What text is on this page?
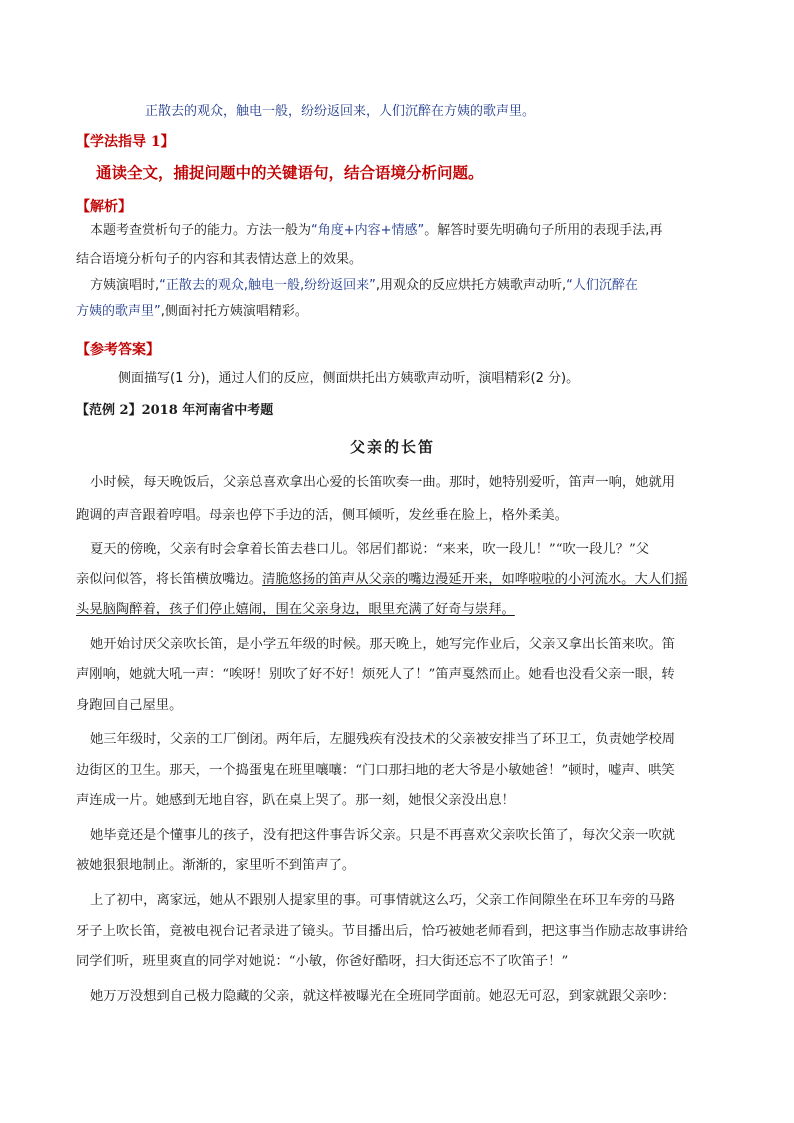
正散去的观众，触电一般，纷纷返回来，人们沉醉在方姨的歌声里。
【学法指导 1】
通读全文，捕捉问题中的关键语句，结合语境分析问题。
【解析】
本题考查赏析句子的能力。方法一般为“角度+内容+情感”。解答时要先明确句子所用的表现手法,再
结合语境分析句子的内容和其表情达意上的效果。
方姨演唱时,“正散去的观众,触电一般,纷纷返回来”,用观众的反应烘托方姨歌声动听,“人们沉醉在
方姨的歌声里”,侧面衬托方姨演唱精彩。
【参考答案】
侧面描写(1 分)，通过人们的反应，侧面烘托出方姨歌声动听，演唱精彩(2 分)。
【范例 2】2018 年河南省中考题
父亲的长笛
小时候，每天晚饭后，父亲总喜欢拿出心爱的长笛吹奏一曲。那时，她特别爱听，笛声一响，她就用
跑调的声音跟着哼唱。母亲也停下手边的活，侧耳倾听，发丝垂在脸上，格外柔美。
夏天的傍晚，父亲有时会拿着长笛去巷口儿。邻居们都说：“来来，吹一段儿！”“吹一段儿？”父
亲似问似答，将长笛横放嘴边。清脆悠扬的笛声从父亲的嘴边漫延开来，如哗啦啦的小河流水。大人们摇
头晃脑陶醉着，孩子们停止嬉闹，围在父亲身边，眼里充满了好奇与崇拜。
她开始讨厌父亲吹长笛，是小学五年级的时候。那天晚上，她写完作业后，父亲又拿出长笛来吹。笛
声刚响，她就大吼一声：“唉呀！别吹了好不好！烦死人了！”笛声戛然而止。她看也没看父亲一眼，转
身跑回自己屋里。
她三年级时，父亲的工厂倒闭。两年后，左腿残疾有没技术的父亲被安排当了环卫工，负责她学校周
边街区的卫生。那天，一个捣蛋鬼在班里嚷嚷：“门口那扫地的老大爷是小敏她爸！”顿时，嘘声、哄笑
声连成一片。她感到无地自容，趴在桌上哭了。那一刻，她恨父亲没出息！
她毕竟还是个懂事儿的孩子，没有把这件事告诉父亲。只是不再喜欢父亲吹长笛了，每次父亲一吹就
被她狠狠地制止。渐渐的，家里听不到笛声了。
上了初中，离家远，她从不跟别人提家里的事。可事情就这么巧，父亲工作间隙坐在环卫车旁的马路
牙子上吹长笛，竟被电视台记者录进了镜头。节目播出后，恰巧被她老师看到，把这事当作励志故事讲给
同学们听，班里爽直的同学对她说：“小敏，你爸好酷呀，扫大街还忘不了吹笛子！”
她万万没想到自己极力隐藏的父亲，就这样被曝光在全班同学面前。她忍无可忍，到家就跟父亲吵：
